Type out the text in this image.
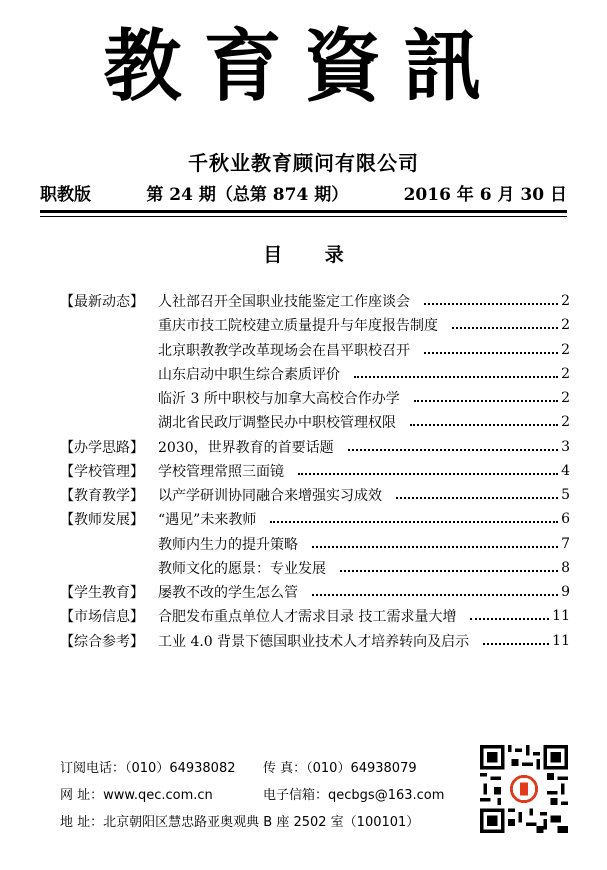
教育資訊
千秋业教育顾问有限公司
职教版	第 24 期（总第 874 期）	2016 年 6 月 30 日
目 录
【最新动态】	人社部召开全国职业技能鉴定工作座谈会	2
重庆市技工院校建立质量提升与年度报告制度	2
北京职教教学改革现场会在昌平职校召开	2
山东启动中职生综合素质评价	2
临沂 3 所中职校与加拿大高校合作办学	2
湖北省民政厅调整民办中职校管理权限	2
【办学思路】	2030，世界教育的首要话题	3
【学校管理】	学校管理常照三面镜	4
【教育教学】	以产学研训协同融合来增强实习成效	5
【教师发展】	“遇见”未来教师	6
教师内生力的提升策略	7
教师文化的愿景：专业发展	8
【学生教育】	屡教不改的学生怎么管	9
【市场信息】	合肥发布重点单位人才需求目录 技工需求量大增	11
【综合参考】	工业 4.0 背景下德国职业技术人才培养转向及启示	11
订阅电话：（010）64938082 传 真：（010）64938079
网 址：www.qec.com.cn	电子信箱：qecbgs@163.com
地 址：北京朝阳区慧忠路亚奥观典 B 座 2502 室（100101）
